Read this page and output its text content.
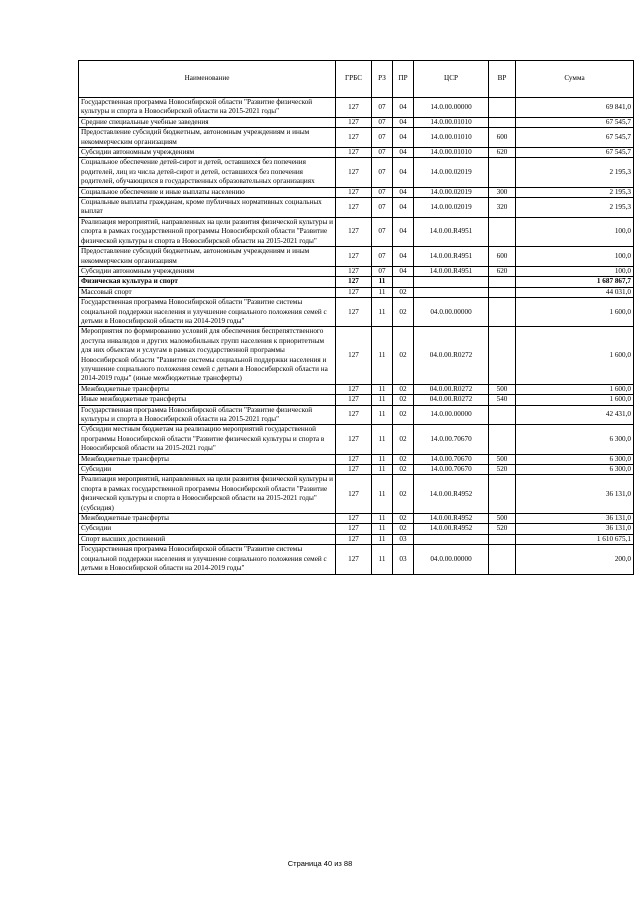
Наименование	ГРБС	РЗ	ПР	ЦСР	ВР	Сумма
Государственная программа Новосибирской области "Развитие физической культуры и спорта в Новосибирской области на 2015-2021 годы"	127	07	04	14.0.00.00000		69 841,0
Средние специальные учебные заведения	127	07	04	14.0.00.01010		67 545,7
Предоставление субсидий бюджетным, автономным учреждениям и иным некоммерческим организациям	127	07	04	14.0.00.01010	600	67 545,7
Субсидии автономным учреждениям	127	07	04	14.0.00.01010	620	67 545,7
Социальное обеспечение детей-сирот и детей, оставшихся без попечения родителей, лиц из числа детей-сирот и детей, оставшихся без попечения родителей, обучающихся в государственных образовательных организациях	127	07	04	14.0.00.02019		2 195,3
Социальное обеспечение и иные выплаты населению	127	07	04	14.0.00.02019	300	2 195,3
Социальные выплаты гражданам, кроме публичных нормативных социальных выплат	127	07	04	14.0.00.02019	320	2 195,3
Реализация мероприятий, направленных на цели развития физической культуры и спорта в рамках государственной программы Новосибирской области "Развитие физической культуры и спорта в Новосибирской области на 2015-2021 годы"	127	07	04	14.0.00.R4951		100,0
Предоставление субсидий бюджетным, автономным учреждениям и иным некоммерческим организациям	127	07	04	14.0.00.R4951	600	100,0
Субсидии автономным учреждениям	127	07	04	14.0.00.R4951	620	100,0
Физическая культура и спорт	127	11				1 687 867,7
Массовый спорт	127	11	02			44 031,0
Государственная программа Новосибирской области "Развитие системы социальной поддержки населения и улучшение социального положения семей с детьми в Новосибирской области на 2014-2019 годы"	127	11	02	04.0.00.00000		1 600,0
Мероприятия по формированию условий для обеспечения беспрепятственного доступа инвалидов и других маломобильных групп населения к приоритетным для них объектам и услугам в рамках государственной программы Новосибирской области "Развитие системы социальной поддержки населения и улучшение социального положения семей с детьми в Новосибирской области на 2014-2019 годы" (иные межбюджетные трансферты)	127	11	02	04.0.00.R0272		1 600,0
Межбюджетные трансферты	127	11	02	04.0.00.R0272	500	1 600,0
Иные межбюджетные трансферты	127	11	02	04.0.00.R0272	540	1 600,0
Государственная программа Новосибирской области "Развитие физической культуры и спорта в Новосибирской области на 2015-2021 годы"	127	11	02	14.0.00.00000		42 431,0
Субсидии местным бюджетам на реализацию мероприятий государственной программы Новосибирской области "Развитие физической культуры и спорта в Новосибирской области на 2015-2021 годы"	127	11	02	14.0.00.70670		6 300,0
Межбюджетные трансферты	127	11	02	14.0.00.70670	500	6 300,0
Субсидии	127	11	02	14.0.00.70670	520	6 300,0
Реализация мероприятий, направленных на цели развития физической культуры и спорта в рамках государственной программы Новосибирской области "Развитие физической культуры и спорта в Новосибирской области на 2015-2021 годы" (субсидия)	127	11	02	14.0.00.R4952		36 131,0
Межбюджетные трансферты	127	11	02	14.0.00.R4952	500	36 131,0
Субсидии	127	11	02	14.0.00.R4952	520	36 131,0
Спорт высших достижений	127	11	03			1 610 675,1
Государственная программа Новосибирской области "Развитие системы социальной поддержки населения и улучшение социального положения семей с детьми в Новосибирской области на 2014-2019 годы"	127	11	03	04.0.00.00000		200,0
Страница 40 из 88
